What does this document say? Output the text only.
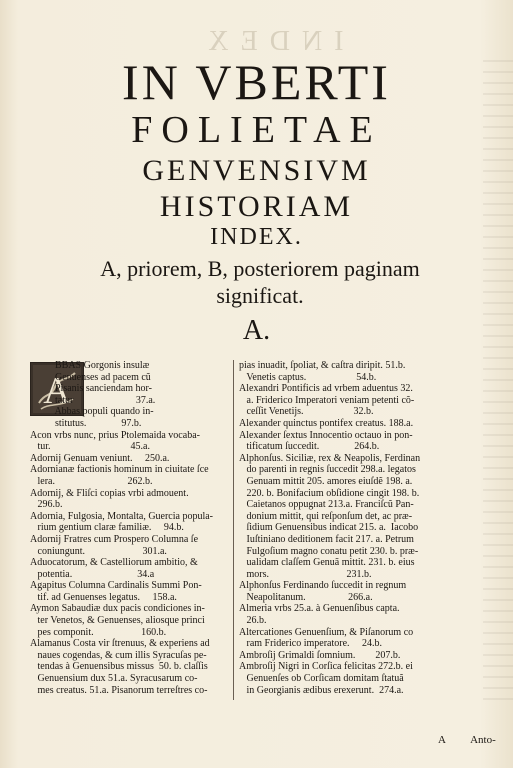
INDEX
IN VBERTI
FOLIETAE
GENVENSIVM
HISTORIAM
INDEX.
A, priorem, B, posteriorem paginam
significat.
A.
A
BBAS Gorgonis insulæ
Genuenses ad pacem cũ
Pisanis sanciendam hor-
tatur                         37.a.
Abbas populi quando in-
stitutus.              97.b.
Acon vrbs nunc, prius Ptolemaida vocaba-
tur.                                45.a.
Adornij Genuam veniunt.     250.a.
Adornianæ factionis hominum in ciuitate ſce
lera.                             262.b.
Adornij, & Fliſci copias vrbi admouent.
296.b.
Adornia, Fulgosia, Montalta, Guercia popula-
rium gentium claræ familiæ.     94.b.
Adornij Fratres cum Prospero Columna ſe
coniungunt.                       301.a.
Aduocatorum, & Castelliorum ambitio, &
potentia.                          34.a
Agapitus Columna Cardinalis Summi Pon-
tif. ad Genuenses legatus.     158.a.
Aymon Sabaudiæ dux pacis condiciones in-
ter Venetos, & Genuenses, aliosque princi
pes componit.                   160.b.
Alamanus Costa vir ſtrenuus, & experiens ad
naues cogendas, & cum illis Syracuſas pe-
tendas à Genuensibus missus  50. b. claſſis
Genuensium dux 51.a. Syracusarum co-
mes creatus. 51.a. Pisanorum terreſtres co-
pias inuadit, ſpoliat, & caſtra diripit. 51.b.
Venetis captus.                    54.b.
Alexandri Pontificis ad vrbem aduentus 32.
a. Friderico Imperatori veniam petenti cõ-
ceſſit Venetijs.                    32.b.
Alexander quinctus pontifex creatus. 188.a.
Alexander ſextus Innocentio octauo in pon-
tificatum ſuccedit.              264.b.
Alphonſus. Siciliæ, rex & Neapolis, Ferdinan
do parenti in regnis ſuccedit 298.a. legatos
Genuam mittit 205. amores eiuſdẽ 198. a.
220. b. Bonifacium obſidione cingit 198. b.
Caietanos oppugnat 213.a. Franciſcũ Pan-
donium mittit, qui reſponſum det, ac præ-
ſidium Genuensibus indicat 215. a.  Iacobo
Iuſtiniano deditionem facit 217. a. Petrum
Fulgoſium magno conatu petit 230. b. præ-
ualidam claſſem Genuã mittit. 231. b. eius
mors.                               231.b.
Alphonſus Ferdinando ſuccedit in regnum
Neapolitanum.                 266.a.
Almeria vrbs 25.a. à Genuenſibus capta.
26.b.
Altercationes Genuenſium, & Piſanorum co
ram Friderico imperatore.     24.b.
Ambroſij Grimaldi ſomnium.        207.b.
Ambroſij Nigri in Corſica felicitas 272.b. ei
Genuenſes ob Corſicam domitam ſtatuã
in Georgianis ædibus erexerunt.  274.a.
A Anto-
